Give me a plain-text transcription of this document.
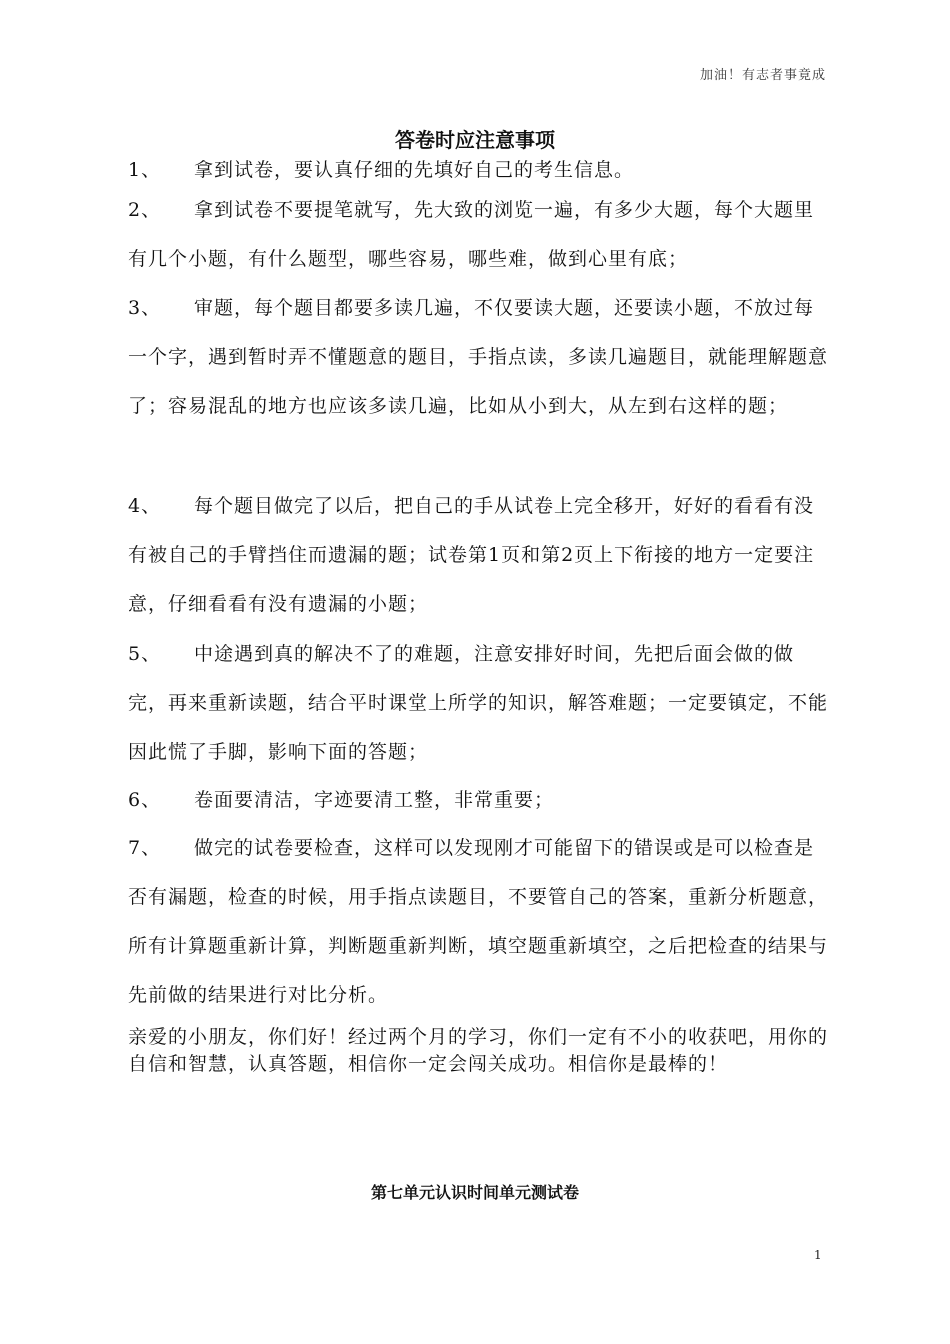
加油！有志者事竟成
答卷时应注意事项
1、 拿到试卷，要认真仔细的先填好自己的考生信息。
2、 拿到试卷不要提笔就写，先大致的浏览一遍，有多少大题，每个大题里有几个小题，有什么题型，哪些容易，哪些难，做到心里有底；
3、 审题，每个题目都要多读几遍，不仅要读大题，还要读小题，不放过每一个字，遇到暂时弄不懂题意的题目，手指点读，多读几遍题目，就能理解题意了；容易混乱的地方也应该多读几遍，比如从小到大，从左到右这样的题；
4、 每个题目做完了以后，把自己的手从试卷上完全移开，好好的看看有没有被自己的手臂挡住而遗漏的题；试卷第1页和第2页上下衔接的地方一定要注意，仔细看看有没有遗漏的小题；
5、 中途遇到真的解决不了的难题，注意安排好时间，先把后面会做的做完，再来重新读题，结合平时课堂上所学的知识，解答难题；一定要镇定，不能因此慌了手脚，影响下面的答题；
6、 卷面要清洁，字迹要清工整，非常重要；
7、 做完的试卷要检查，这样可以发现刚才可能留下的错误或是可以检查是否有漏题，检查的时候，用手指点读题目，不要管自己的答案，重新分析题意，所有计算题重新计算，判断题重新判断，填空题重新填空，之后把检查的结果与先前做的结果进行对比分析。
亲爱的小朋友，你们好！经过两个月的学习，你们一定有不小的收获吧，用你的自信和智慧，认真答题，相信你一定会闯关成功。相信你是最棒的！
第七单元认识时间单元测试卷
1
